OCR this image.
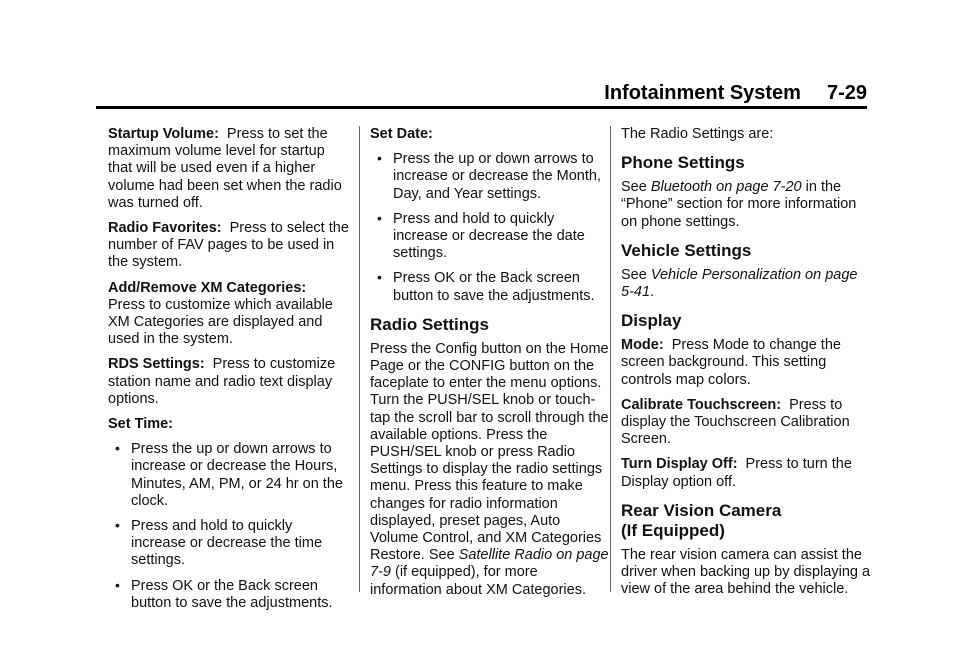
Infotainment System 7-29

Startup Volume: Press to set the maximum volume level for startup that will be used even if a higher volume had been set when the radio was turned off.

Radio Favorites: Press to select the number of FAV pages to be used in the system.

Add/Remove XM Categories:
Press to customize which available XM Categories are displayed and used in the system.

RDS Settings: Press to customize station name and radio text display options.

Set Time:

• Press the up or down arrows to increase or decrease the Hours, Minutes, AM, PM, or 24 hr on the clock.
• Press and hold to quickly increase or decrease the time settings.
• Press OK or the Back screen button to save the adjustments.

Set Date:

• Press the up or down arrows to increase or decrease the Month, Day, and Year settings.
• Press and hold to quickly increase or decrease the date settings.
• Press OK or the Back screen button to save the adjustments.
Radio Settings

Press the Config button on the Home Page or the CONFIG button on the faceplate to enter the menu options. Turn the PUSH/SEL knob or touch-tap the scroll bar to scroll through the available options. Press the PUSH/SEL knob or press Radio Settings to display the radio settings menu. Press this feature to make changes for radio information displayed, preset pages, Auto Volume Control, and XM Categories Restore. See Satellite Radio on page 7-9 (if equipped), for more information about XM Categories.

The Radio Settings are:

Phone Settings

See Bluetooth on page 7-20 in the “Phone” section for more information on phone settings.

Vehicle Settings

See Vehicle Personalization on page 5-41.

Display

Mode: Press Mode to change the screen background. This setting controls map colors.

Calibrate Touchscreen: Press to display the Touchscreen Calibration Screen.

Turn Display Off: Press to turn the Display option off.

Rear Vision Camera
(If Equipped)

The rear vision camera can assist the driver when backing up by displaying a view of the area behind the vehicle.
